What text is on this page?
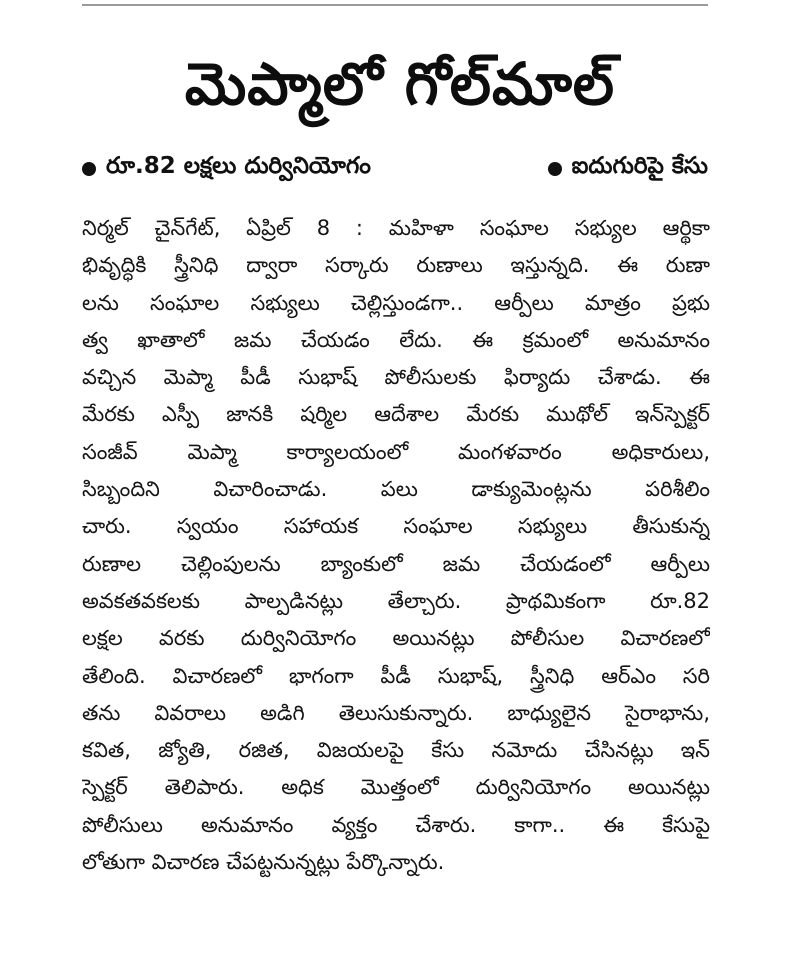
మెప్మాలో గోల్‌మాల్‌
రూ.82 లక్షలు దుర్వినియోగం	ఐదుగురిపై కేసు
నిర్మల్ చైన్‌గేట్, ఏప్రిల్ 8 : మహిళా సంఘాల సభ్యుల ఆర్థికా
భివృద్ధికి స్త్రీనిధి ద్వారా సర్కారు రుణాలు ఇస్తున్నది. ఈ రుణా
లను సంఘాల సభ్యులు చెల్లిస్తుండగా.. ఆర్పీలు మాత్రం ప్రభు
త్వ ఖాతాలో జమ చేయడం లేదు. ఈ క్రమంలో అనుమానం
వచ్చిన మెప్మా పీడీ సుభాష్ పోలీసులకు ఫిర్యాదు చేశాడు. ఈ
మేరకు ఎస్పీ జానకి షర్మిల ఆదేశాల మేరకు ముథోల్ ఇన్‌స్పెక్టర్
సంజీవ్ మెప్మా కార్యాలయంలో మంగళవారం అధికారులు,
సిబ్బందిని విచారించాడు. పలు డాక్యుమెంట్లను పరిశీలిం
చారు. స్వయం సహాయక సంఘాల సభ్యులు తీసుకున్న
రుణాల చెల్లింపులను బ్యాంకులో జమ చేయడంలో ఆర్పీలు
అవకతవకలకు పాల్పడినట్లు తేల్చారు. ప్రాథమికంగా రూ.82
లక్షల వరకు దుర్వినియోగం అయినట్లు పోలీసుల విచారణలో
తేలింది. విచారణలో భాగంగా పీడీ సుభాష్, స్త్రీనిధి ఆర్ఎం సరి
తను వివరాలు అడిగి తెలుసుకున్నారు. బాధ్యులైన సైరాభాను,
కవిత, జ్యోతి, రజిత, విజయలపై కేసు నమోదు చేసినట్లు ఇన్
స్పెక్టర్ తెలిపారు. అధిక మొత్తంలో దుర్వినియోగం అయినట్లు
పోలీసులు అనుమానం వ్యక్తం చేశారు. కాగా.. ఈ కేసుపై
లోతుగా విచారణ చేపట్టనున్నట్లు పేర్కొన్నారు.
